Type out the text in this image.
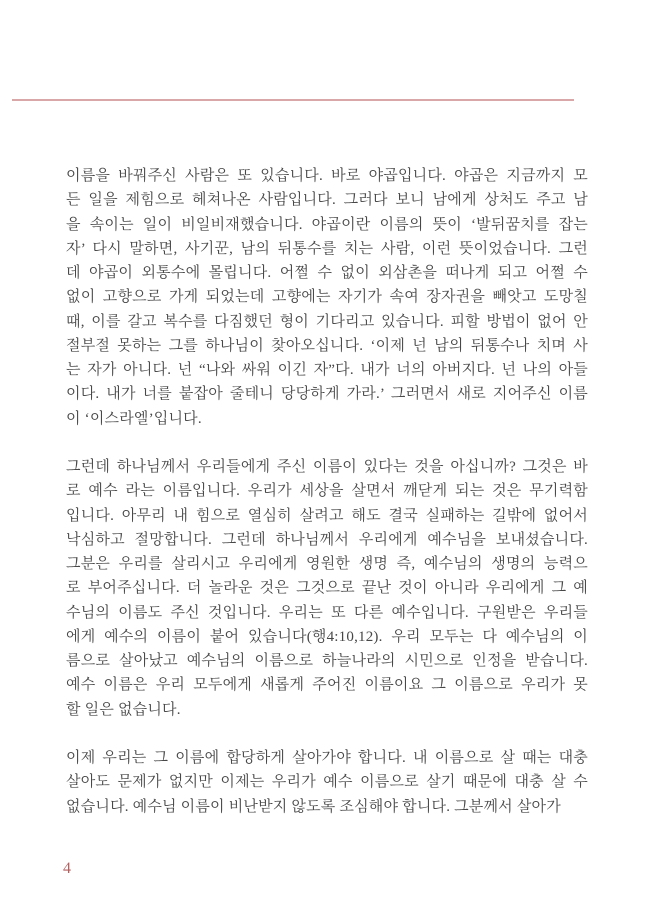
이름을 바꿔주신 사람은 또 있습니다. 바로 야곱입니다. 야곱은 지금까지 모
든 일을 제힘으로 헤쳐나온 사람입니다. 그러다 보니 남에게 상처도 주고 남
을 속이는 일이 비일비재했습니다. 야곱이란 이름의 뜻이 ‘발뒤꿈치를 잡는
자’ 다시 말하면, 사기꾼, 남의 뒤통수를 치는 사람, 이런 뜻이었습니다. 그런
데 야곱이 외통수에 몰립니다. 어쩔 수 없이 외삼촌을 떠나게 되고 어쩔 수
없이 고향으로 가게 되었는데 고향에는 자기가 속여 장자권을 빼앗고 도망칠
때, 이를 갈고 복수를 다짐했던 형이 기다리고 있습니다. 피할 방법이 없어 안
절부절 못하는 그를 하나님이 찾아오십니다. ‘이제 넌 남의 뒤통수나 치며 사
는 자가 아니다. 넌 “나와 싸워 이긴 자”다. 내가 너의 아버지다. 넌 나의 아들
이다. 내가 너를 붙잡아 줄테니 당당하게 가라.’ 그러면서 새로 지어주신 이름
이 ‘이스라엘’입니다.
그런데 하나님께서 우리들에게 주신 이름이 있다는 것을 아십니까? 그것은 바
로 예수 라는 이름입니다. 우리가 세상을 살면서 깨닫게 되는 것은 무기력함
입니다. 아무리 내 힘으로 열심히 살려고 해도 결국 실패하는 길밖에 없어서
낙심하고 절망합니다. 그런데 하나님께서 우리에게 예수님을 보내셨습니다.
그분은 우리를 살리시고 우리에게 영원한 생명 즉, 예수님의 생명의 능력으
로 부어주십니다. 더 놀라운 것은 그것으로 끝난 것이 아니라 우리에게 그 예
수님의 이름도 주신 것입니다. 우리는 또 다른 예수입니다. 구원받은 우리들
에게 예수의 이름이 붙어 있습니다(행4:10,12). 우리 모두는 다 예수님의 이
름으로 살아났고 예수님의 이름으로 하늘나라의 시민으로 인정을 받습니다.
예수 이름은 우리 모두에게 새롭게 주어진 이름이요 그 이름으로 우리가 못
할 일은 없습니다.
이제 우리는 그 이름에 합당하게 살아가야 합니다. 내 이름으로 살 때는 대충
살아도 문제가 없지만 이제는 우리가 예수 이름으로 살기 때문에 대충 살 수
없습니다. 예수님 이름이 비난받지 않도록 조심해야 합니다. 그분께서 살아가
4
